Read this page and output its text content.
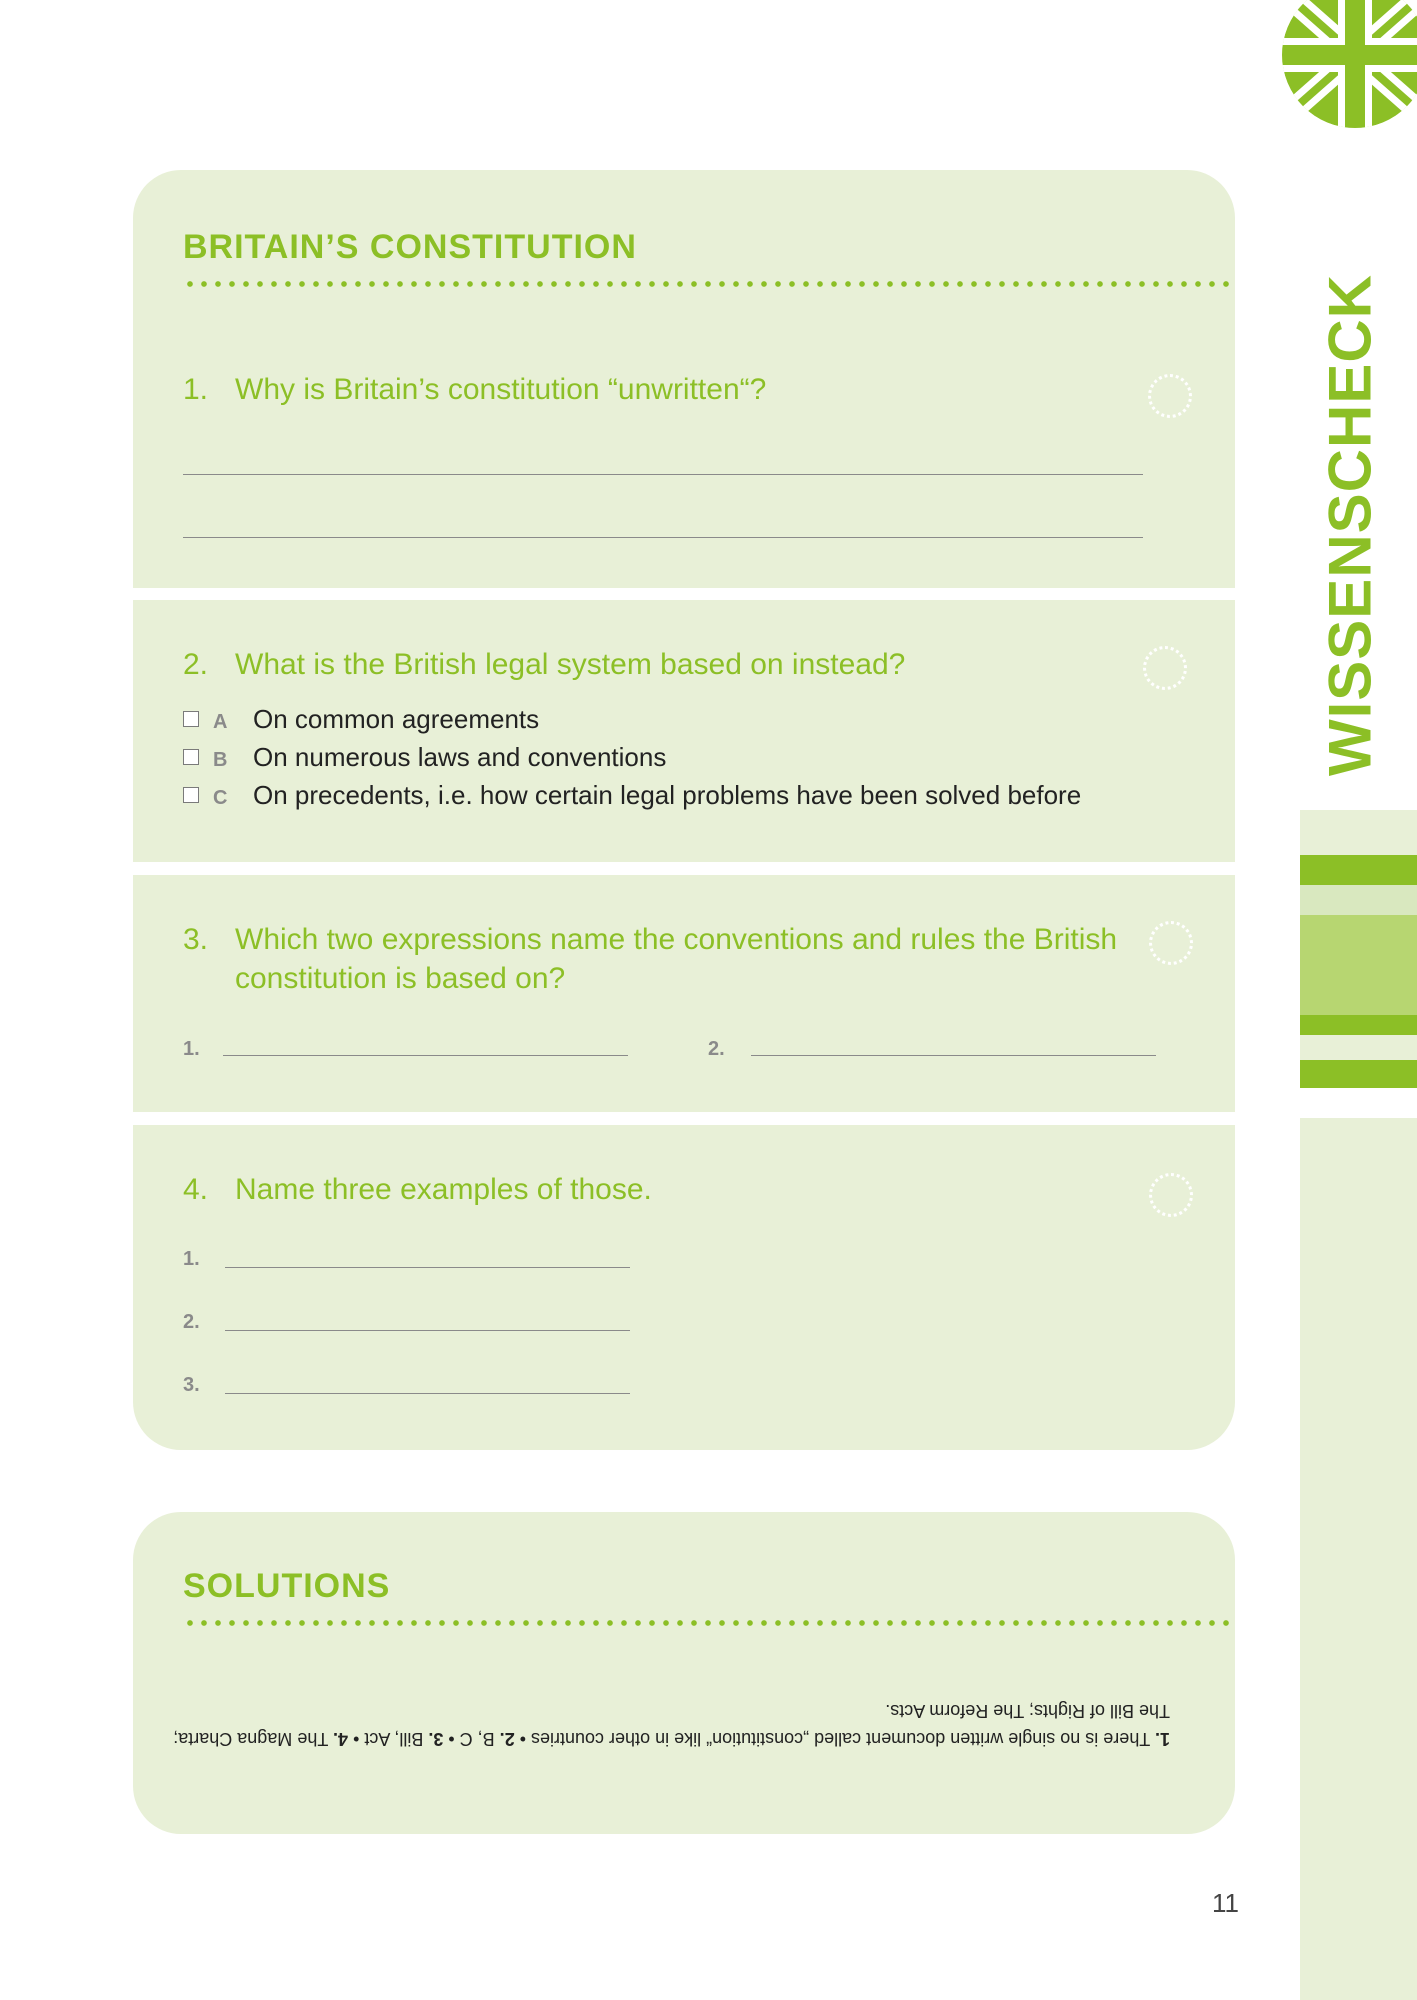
WISSENSCHECK
BRITAIN’S CONSTITUTION
1. Why is Britain’s constitution “unwritten“?
2. What is the British legal system based on instead?
A On common agreements
B On numerous laws and conventions
C On precedents, i.e. how certain legal problems have been solved before
3. Which two expressions name the conventions and rules the British constitution is based on?
1.	2.
4. Name three examples of those.
1.
2.
3.
SOLUTIONS
1. There is no single written document called „constitution“ like in other countries • 2. B, C • 3. Bill, Act • 4. The Magna Charta; The Bill of Rights; The Reform Acts.
11
